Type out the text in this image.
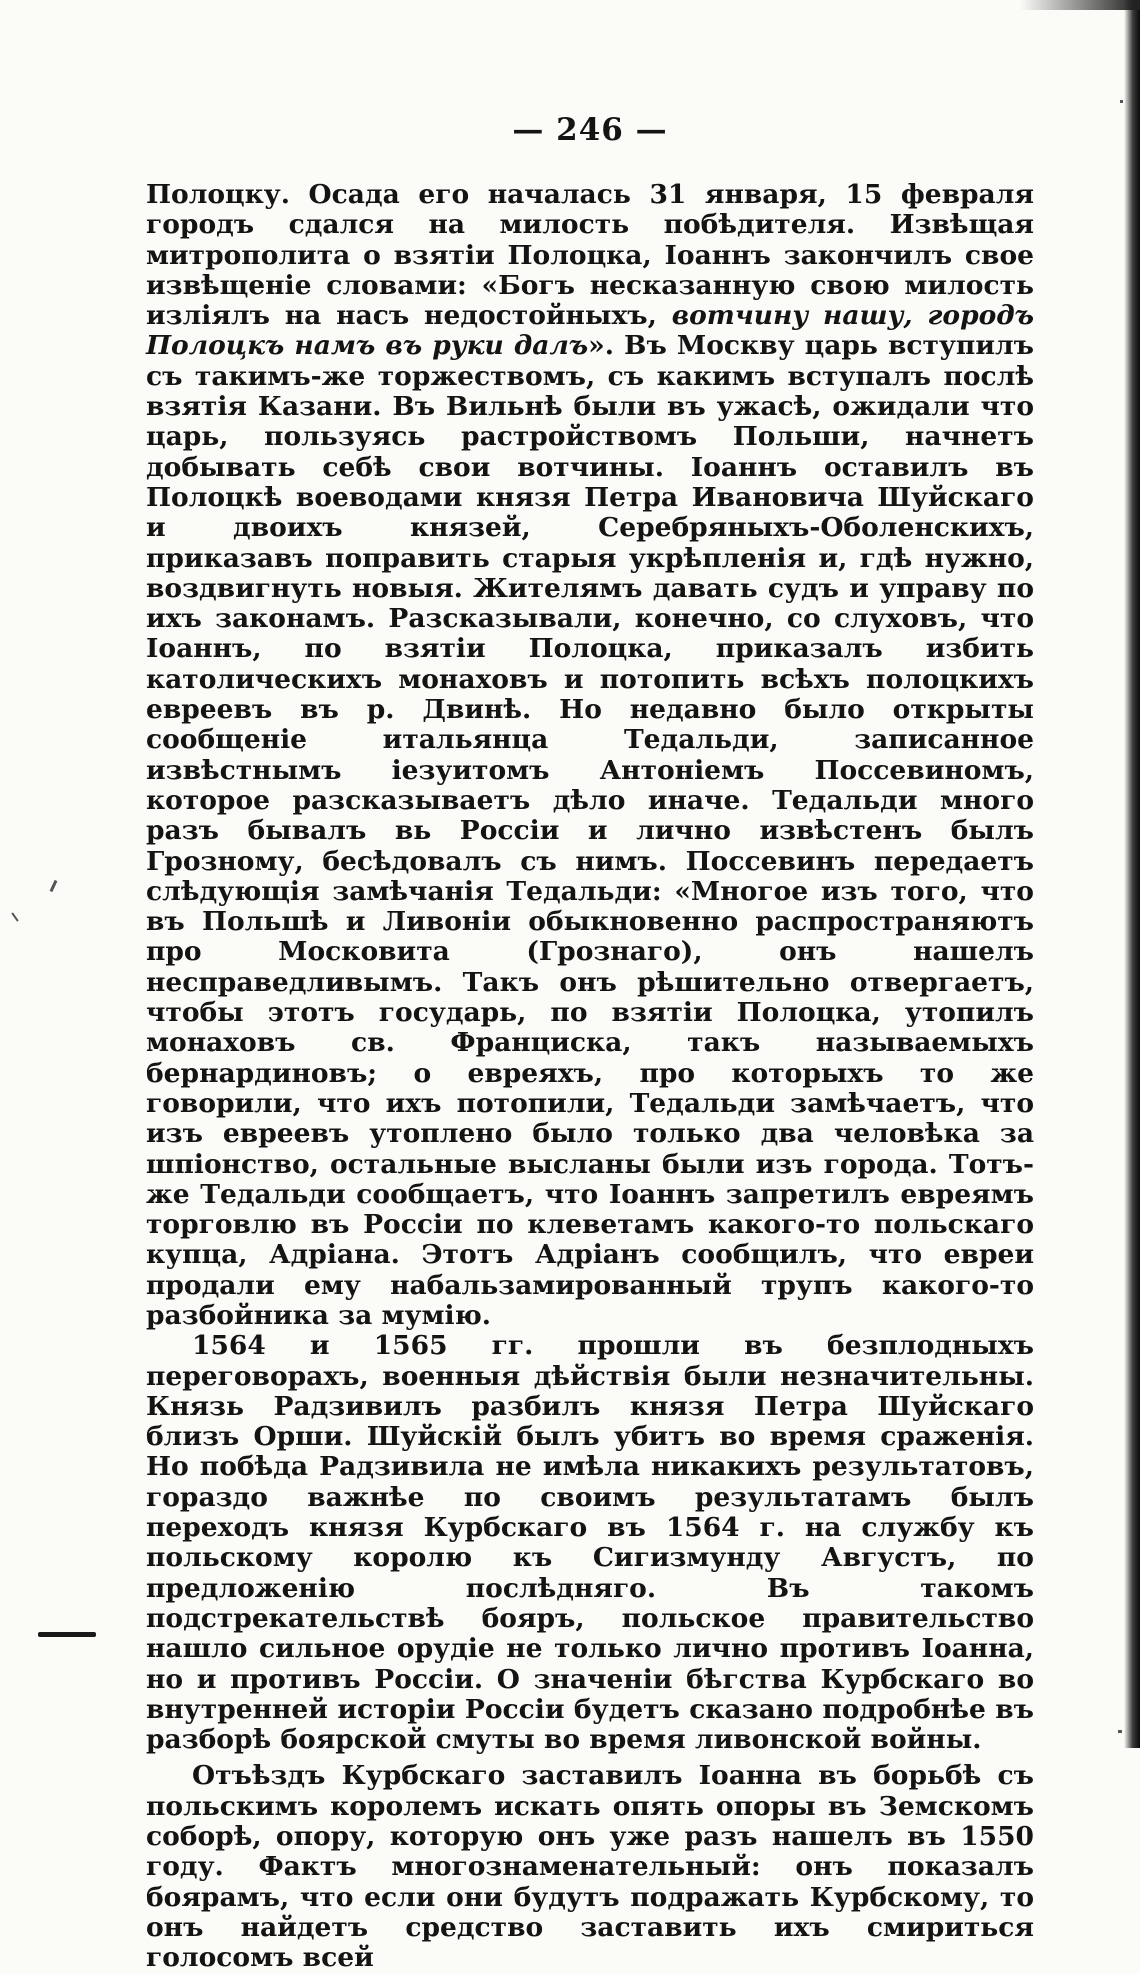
— 246 —

Полоцку. Осада его началась 31 января, 15 февраля городъ сдался на милость побѣдителя. Извѣщая митрополита о взятіи Полоцка, Іоаннъ закончилъ свое извѣщеніе словами: «Богъ несказанную свою милость изліялъ на насъ недостойныхъ, вотчину нашу, городъ Полоцкъ намъ въ руки далъ». Въ Москву царь вступилъ съ такимъ-же торжествомъ, съ какимъ вступалъ послѣ взятія Казани. Въ Вильнѣ были въ ужасѣ, ожидали что царь, пользуясь растройствомъ Польши, начнетъ добывать себѣ свои вотчины. Іоаннъ оставилъ въ Полоцкѣ воеводами князя Петра Ивановича Шуйскаго и двоихъ князей, Серебряныхъ-Оболенскихъ, приказавъ поправить старыя укрѣпленія и, гдѣ нужно, воздвигнуть новыя. Жителямъ давать судъ и управу по ихъ законамъ. Разсказывали, конечно, со слуховъ, что Іоаннъ, по взятіи Полоцка, приказалъ избить католическихъ монаховъ и потопить всѣхъ полоцкихъ евреевъ въ р. Двинѣ. Но недавно было открыты сообщеніе итальянца Тедальди, записанное извѣстнымъ іезуитомъ Антоніемъ Поссевиномъ, которое разсказываетъ дѣло иначе. Тедальди много разъ бывалъ вь Россіи и лично извѣстенъ былъ Грозному, бесѣдовалъ съ нимъ. Поссевинъ передаетъ слѣдующія замѣчанія Тедальди: «Многое изъ того, что въ Польшѣ и Ливоніи обыкновенно распространяютъ про Московита (Грознаго), онъ нашелъ несправедливымъ. Такъ онъ рѣшительно отвергаетъ, чтобы этотъ государь, по взятіи Полоцка, утопилъ монаховъ св. Франциска, такъ называемыхъ бернардиновъ; о евреяхъ, про которыхъ то же говорили, что ихъ потопили, Тедальди замѣчаетъ, что изъ евреевъ утоплено было только два человѣка за шпіонство, остальные высланы были изъ города. Тотъ-же Тедальди сообщаетъ, что Іоаннъ запретилъ евреямъ торговлю въ Россіи по клеветамъ какого-то польскаго купца, Адріана. Этотъ Адріанъ сообщилъ, что евреи продали ему набальзамированный трупъ какого-то разбойника за мумію.

1564 и 1565 гг. прошли въ безплодныхъ переговорахъ, военныя дѣйствія были незначительны. Князь Радзивилъ разбилъ князя Петра Шуйскаго близъ Орши. Шуйскій былъ убитъ во время сраженія. Но побѣда Радзивила не имѣла никакихъ результатовъ, гораздо важнѣе по своимъ результатамъ былъ переходъ князя Курбскаго въ 1564 г. на службу къ польскому королю къ Сигизмунду Августъ, по предложенію послѣдняго. Въ такомъ подстрекательствѣ бояръ, польское правительство нашло сильное орудіе не только лично противъ Іоанна, но и противъ Россіи. О значеніи бѣгства Курбскаго во внутренней исторіи Россіи будетъ сказано подробнѣе въ разборѣ боярской смуты во время ливонской войны.

Отъѣздъ Курбскаго заставилъ Іоанна въ борьбѣ съ польскимъ королемъ искать опять опоры въ Земскомъ соборѣ, опору, которую онъ уже разъ нашелъ въ 1550 году. Фактъ многознаменательный: онъ показалъ боярамъ, что если они будутъ подражать Курбскому, то онъ найдетъ средство заставить ихъ смириться голосомъ всей
